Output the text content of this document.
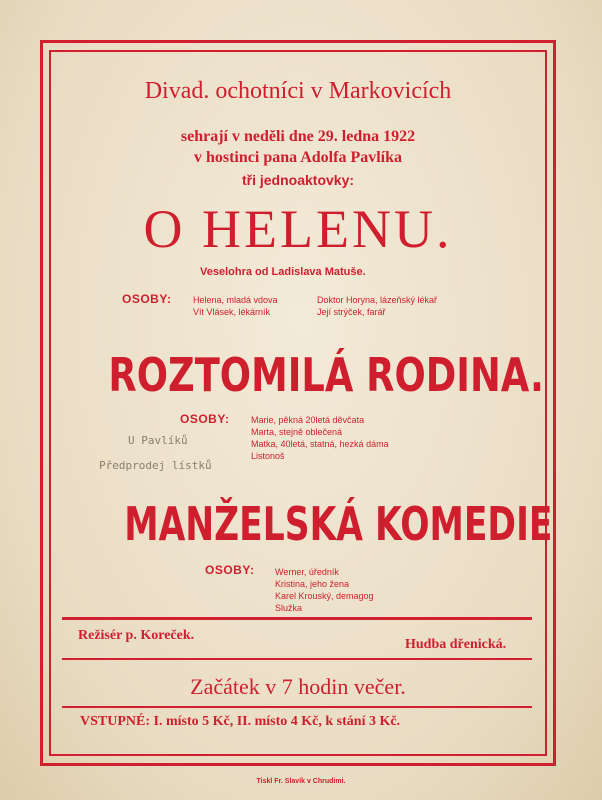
Divad. ochotníci v Markovicích
sehrají v neděli dne 29. ledna 1922
v hostinci pana Adolfa Pavlíka
tři jednoaktovky:
O HELENU.
Veselohra od Ladislava Matuše.
OSOBY: Helena, mladá vdova
Vít Vlásek, lékárník
Doktor Horyna, lázeňský lékař
Její strýček, farář
ROZTOMILÁ RODINA.
OSOBY: Marie, pěkná 20letá děvčata
Marta, stejně oblečená
Matka, 40letá, statná, hezká dáma
Listonoš
U Pavlíků
Předprodej lístků
MANŽELSKÁ KOMEDIE
OSOBY: Werner, úředník
Kristina, jeho žena
Karel Krouský, demagog
Služka
Režisér p. Koreček.
Hudba dřenická.
Začátek v 7 hodin večer.
VSTUPNÉ: I. místo 5 Kč, II. místo 4 Kč, k stání 3 Kč.
Tiskl Fr. Slavík v Chrudimi.
